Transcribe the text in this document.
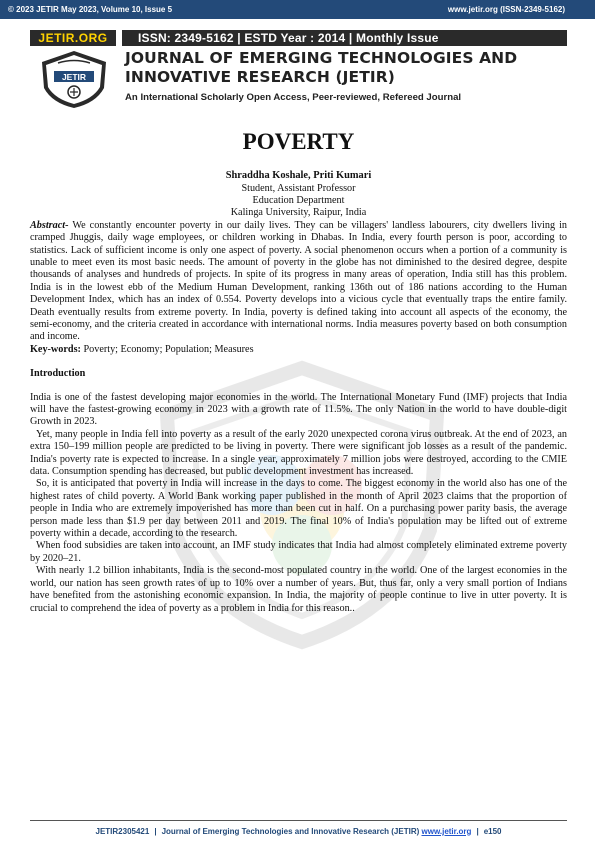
© 2023 JETIR May 2023, Volume 10, Issue 5	www.jetir.org (ISSN-2349-5162)
JETIR.ORG	ISSN: 2349-5162 | ESTD Year : 2014 | Monthly Issue
JETIR
JOURNAL OF EMERGING TECHNOLOGIES AND INNOVATIVE RESEARCH (JETIR)
An International Scholarly Open Access, Peer-reviewed, Refereed Journal
POVERTY
Shraddha Koshale, Priti Kumari
Student, Assistant Professor
Education Department
Kalinga University, Raipur, India

Abstract- We constantly encounter poverty in our daily lives. They can be villagers' landless labourers, city dwellers living in cramped Jhuggis, daily wage employees, or children working in Dhabas. In India, every fourth person is poor, according to statistics. Lack of sufficient income is only one aspect of poverty. A social phenomenon occurs when a portion of a community is unable to meet even its most basic needs. The amount of poverty in the globe has not diminished to the desired degree, despite thousands of analyses and hundreds of projects. In spite of its progress in many areas of operation, India still has this problem. India is in the lowest ebb of the Medium Human Development, ranking 136th out of 186 nations according to the Human Development Index, which has an index of 0.554. Poverty develops into a vicious cycle that eventually traps the entire family. Death eventually results from extreme poverty. In India, poverty is defined taking into account all aspects of the economy, the semi-economy, and the criteria created in accordance with international norms. India measures poverty based on both consumption and income.

Key-words: Poverty; Economy; Population; Measures

Introduction

India is one of the fastest developing major economies in the world. The International Monetary Fund (IMF) projects that India will have the fastest-growing economy in 2023 with a growth rate of 11.5%. The only Nation in the world to have double-digit Growth in 2023.

Yet, many people in India fell into poverty as a result of the early 2020 unexpected corona virus outbreak. At the end of 2023, an extra 150–199 million people are predicted to be living in poverty. There were significant job losses as a result of the pandemic. India's poverty rate is expected to increase. In a single year, approximately 7 million jobs were destroyed, according to the CMIE data. Consumption spending has decreased, but public development investment has increased.

So, it is anticipated that poverty in India will increase in the days to come. The biggest economy in the world also has one of the highest rates of child poverty. A World Bank working paper published in the month of April 2023 claims that the proportion of people in India who are extremely impoverished has more than been cut in half. On a purchasing power parity basis, the average person made less than $1.9 per day between 2011 and 2019. The final 10% of India's population may be lifted out of extreme poverty within a decade, according to the research.

When food subsidies are taken into account, an IMF study indicates that India had almost completely eliminated extreme poverty by 2020–21.

With nearly 1.2 billion inhabitants, India is the second-most populated country in the world. One of the largest economies in the world, our nation has seen growth rates of up to 10% over a number of years. But, thus far, only a very small portion of Indians have benefited from the astonishing economic expansion. In India, the majority of people continue to live in utter poverty. It is crucial to comprehend the idea of poverty as a problem in India for this reason..

JETIR2305421 | Journal of Emerging Technologies and Innovative Research (JETIR)
www.jetir.org | e150
